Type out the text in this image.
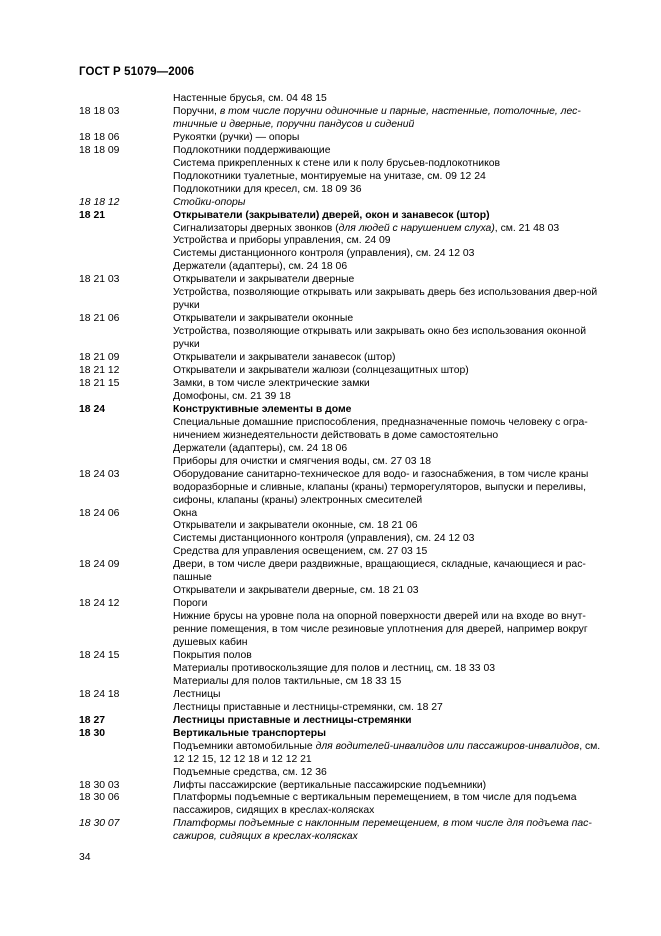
ГОСТ Р 51079—2006

Настенные брусья, см. 04 48 15

18 18 03	Поручни, в том числе поручни одиночные и парные, настенные, потолочные, лес-тничные и дверные, поручни пандусов и сидений

18 18 06	Рукоятки (ручки) — опоры

18 18 09	Подлокотники поддерживающие

Система прикрепленных к стене или к полу брусьев-подлокотников

Подлокотники туалетные, монтируемые на унитазе, см. 09 12 24

Подлокотники для кресел, см. 18 09 36

18 18 12	Стойки-опоры

18 21	Открыватели (закрыватели) дверей, окон и занавесок (штор)

Сигнализаторы дверных звонков (для людей с нарушением слуха), см. 21 48 03

Устройства и приборы управления, см. 24 09

Системы дистанционного контроля (управления), см. 24 12 03

Держатели (адаптеры), см. 24 18 06

18 21 03	Открыватели и закрыватели дверные

Устройства, позволяющие открывать или закрывать дверь без использования двер-ной ручки

18 21 06	Открыватели и закрыватели оконные

Устройства, позволяющие открывать или закрывать окно без использования оконной ручки

18 21 09	Открыватели и закрыватели занавесок (штор)

18 21 12	Открыватели и закрыватели жалюзи (солнцезащитных штор)

18 21 15	Замки, в том числе электрические замки

Домофоны, см. 21 39 18

18 24	Конструктивные элементы в доме

Специальные домашние приспособления, предназначенные помочь человеку с огра-ничением жизнедеятельности действовать в доме самостоятельно

Держатели (адаптеры), см. 24 18 06

Приборы для очистки и смягчения воды, см. 27 03 18

18 24 03	Оборудование санитарно-техническое для водо- и газоснабжения, в том числе краны водоразборные и сливные, клапаны (краны) терморегуляторов, выпуски и переливы, сифоны, клапаны (краны) электронных смесителей

18 24 06	Окна

Открыватели и закрыватели оконные, см. 18 21 06

Системы дистанционного контроля (управления), см. 24 12 03

Средства для управления освещением, см. 27 03 15

18 24 09	Двери, в том числе двери раздвижные, вращающиеся, складные, качающиеся и рас-пашные

Открыватели и закрыватели дверные, см. 18 21 03

18 24 12	Пороги

Нижние брусы на уровне пола на опорной поверхности дверей или на входе во внут-ренние помещения, в том числе резиновые уплотнения для дверей, например вокруг душевых кабин

18 24 15	Покрытия полов

Материалы противоскользящие для полов и лестниц, см. 18 33 03

Материалы для полов тактильные, см 18 33 15

18 24 18	Лестницы

Лестницы приставные и лестницы-стремянки, см. 18 27

18 27	Лестницы приставные и лестницы-стремянки

18 30	Вертикальные транспортеры

Подъемники автомобильные для водителей-инвалидов или пассажиров-инвалидов, см. 12 12 15, 12 12 18 и 12 12 21

Подъемные средства, см. 12 36

18 30 03	Лифты пассажирские (вертикальные пассажирские подъемники)

18 30 06	Платформы подъемные с вертикальным перемещением, в том числе для подъема пассажиров, сидящих в креслах-колясках

18 30 07	Платформы подъемные с наклонным перемещением, в том числе для подъема пас-сажиров, сидящих в креслах-колясках

34
